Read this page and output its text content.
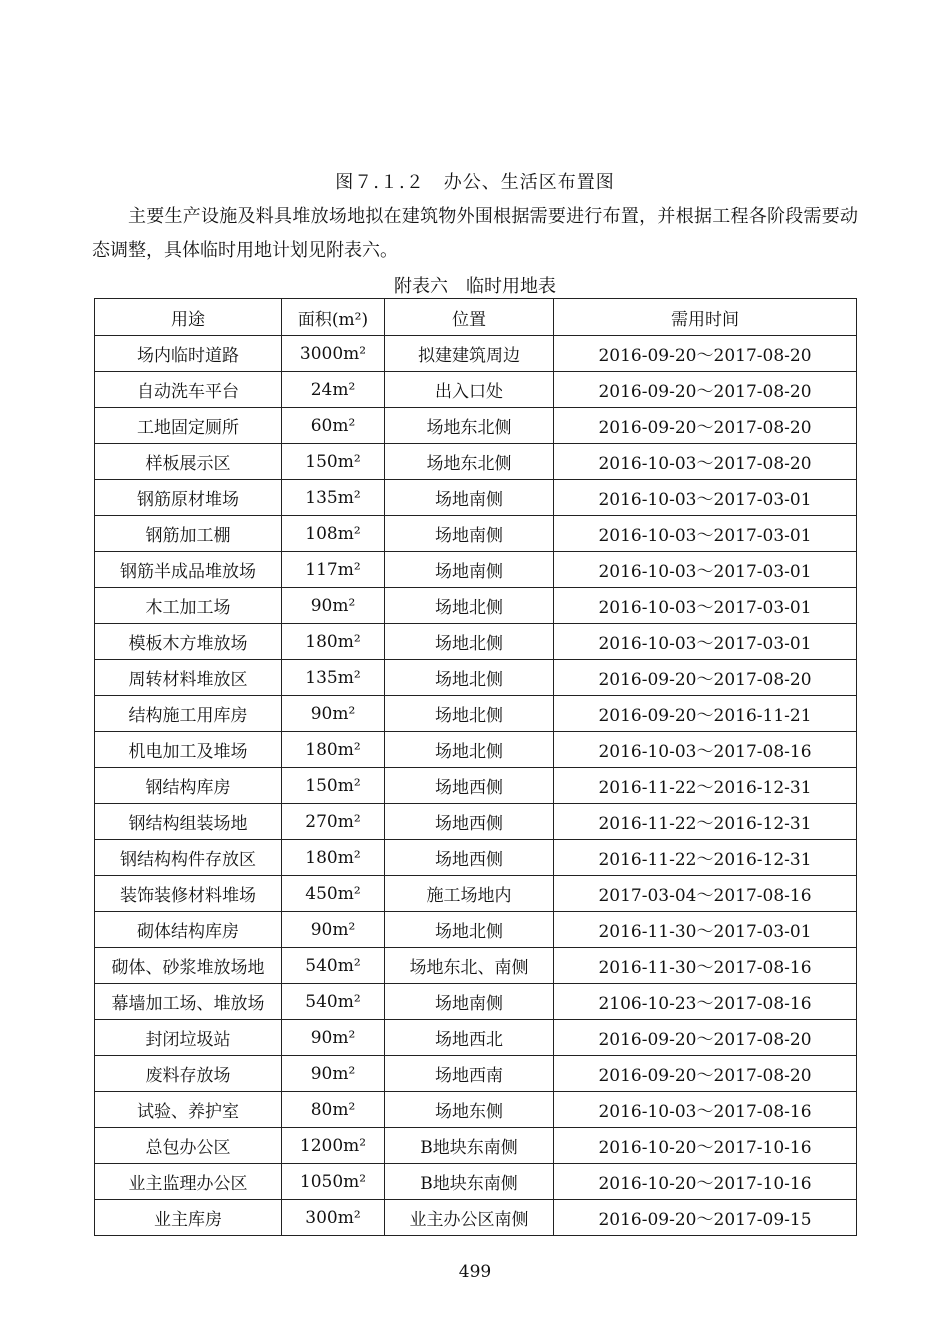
图７.１.２　办公、生活区布置图
主要生产设施及料具堆放场地拟在建筑物外围根据需要进行布置，并根据工程各阶段需要动态调整，具体临时用地计划见附表六。
附表六　临时用地表
用途	面积(m²)	位置	需用时间
场内临时道路	3000m²	拟建建筑周边	2016-09-20～2017-08-20
自动洗车平台	24m²	出入口处	2016-09-20～2017-08-20
工地固定厕所	60m²	场地东北侧	2016-09-20～2017-08-20
样板展示区	150m²	场地东北侧	2016-10-03～2017-08-20
钢筋原材堆场	135m²	场地南侧	2016-10-03～2017-03-01
钢筋加工棚	108m²	场地南侧	2016-10-03～2017-03-01
钢筋半成品堆放场	117m²	场地南侧	2016-10-03～2017-03-01
木工加工场	90m²	场地北侧	2016-10-03～2017-03-01
模板木方堆放场	180m²	场地北侧	2016-10-03～2017-03-01
周转材料堆放区	135m²	场地北侧	2016-09-20～2017-08-20
结构施工用库房	90m²	场地北侧	2016-09-20～2016-11-21
机电加工及堆场	180m²	场地北侧	2016-10-03～2017-08-16
钢结构库房	150m²	场地西侧	2016-11-22～2016-12-31
钢结构组装场地	270m²	场地西侧	2016-11-22～2016-12-31
钢结构构件存放区	180m²	场地西侧	2016-11-22～2016-12-31
装饰装修材料堆场	450m²	施工场地内	2017-03-04～2017-08-16
砌体结构库房	90m²	场地北侧	2016-11-30～2017-03-01
砌体、砂浆堆放场地	540m²	场地东北、南侧	2016-11-30～2017-08-16
幕墙加工场、堆放场	540m²	场地南侧	2106-10-23～2017-08-16
封闭垃圾站	90m²	场地西北	2016-09-20～2017-08-20
废料存放场	90m²	场地西南	2016-09-20～2017-08-20
试验、养护室	80m²	场地东侧	2016-10-03～2017-08-16
总包办公区	1200m²	B地块东南侧	2016-10-20～2017-10-16
业主监理办公区	1050m²	B地块东南侧	2016-10-20～2017-10-16
业主库房	300m²	业主办公区南侧	2016-09-20～2017-09-15
499
